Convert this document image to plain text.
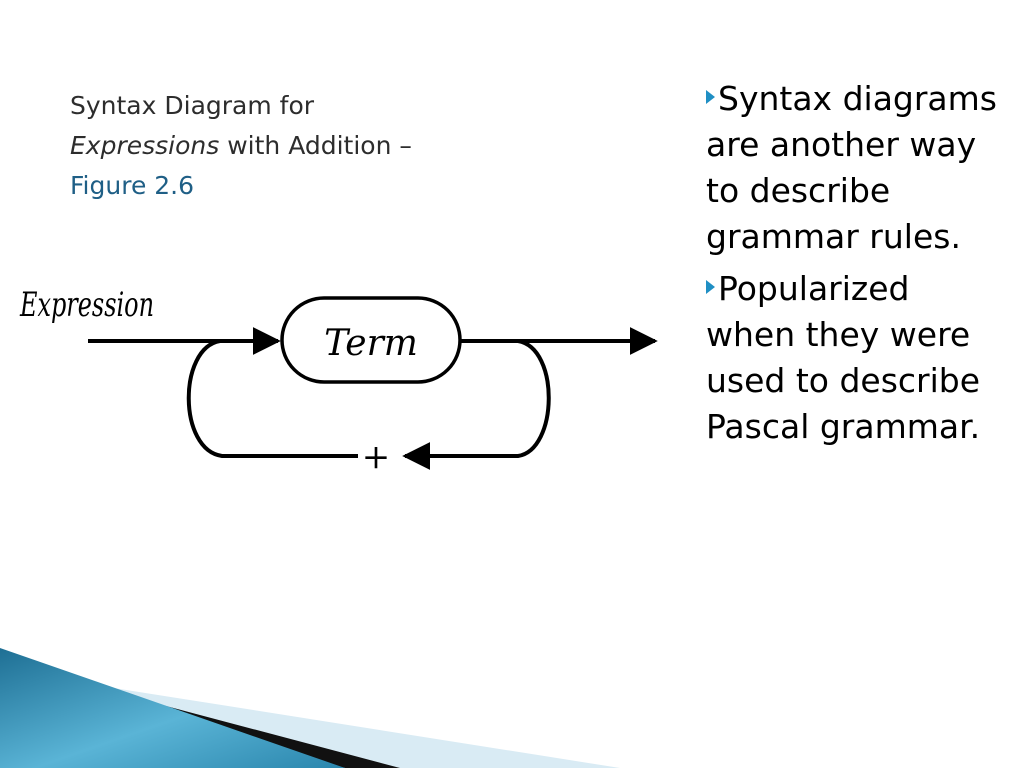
Syntax Diagram for
Expressions with Addition –
Figure 2.6
Expression
Term
+
Syntax diagrams are another way to describe grammar rules.
Popularized when they were used to describe Pascal grammar.
